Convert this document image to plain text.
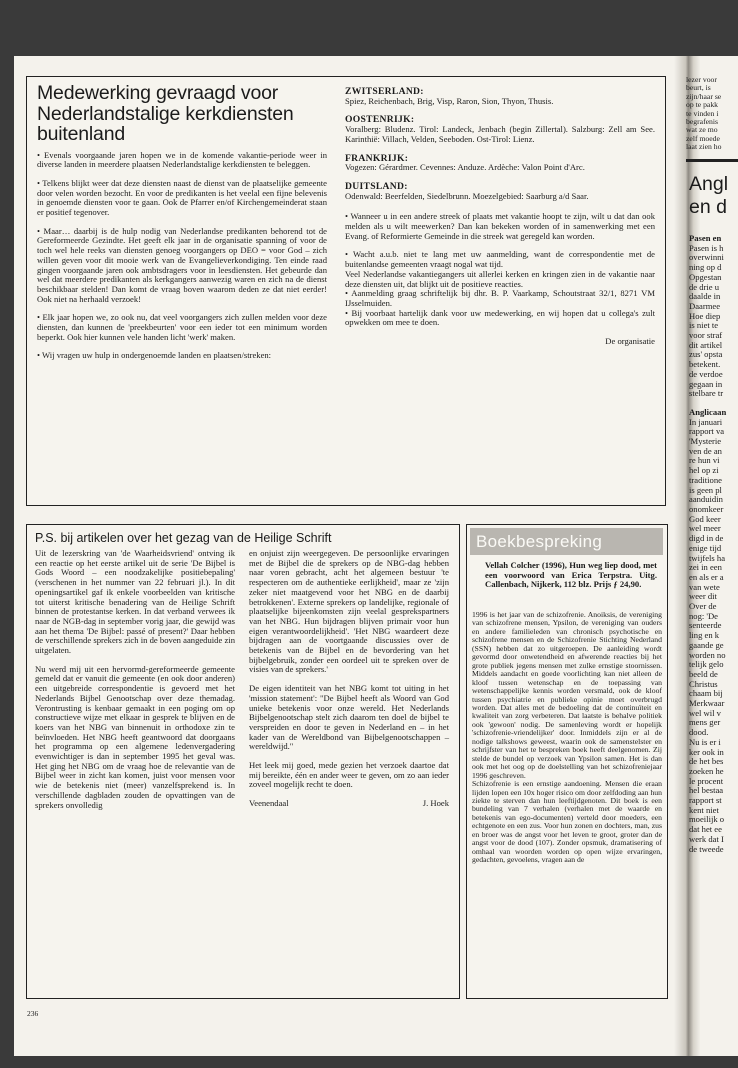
Medewerking gevraagd voor Nederlandstalige kerkdiensten buitenland

• Evenals voorgaande jaren hopen we in de komende vakantie-periode weer in diverse landen in meerdere plaatsen Nederlandstalige kerkdiensten te beleggen.

• Telkens blijkt weer dat deze diensten naast de dienst van de plaatselijke gemeente door velen worden bezocht. En voor de predikanten is het veelal een fijne belevenis in genoemde diensten voor te gaan. Ook de Pfarrer en/of Kirchengemeinderat staan er positief tegenover.

• Maar… daarbij is de hulp nodig van Nederlandse predikanten behorend tot de Gereformeerde Gezindte. Het geeft elk jaar in de organisatie spanning of voor de toch wel hele reeks van diensten genoeg voorgangers op DEO = voor God – zich willen geven voor dit mooie werk van de Evangelieverkondiging. Ten einde raad gingen voorgaande jaren ook ambtsdragers voor in leesdiensten. Het gebeurde dan wel dat meerdere predikanten als kerkgangers aanwezig waren en zich na de dienst beschikbaar stelden! Dan komt de vraag boven waarom deden ze dat niet eerder! Ook niet na herhaald verzoek!

• Elk jaar hopen we, zo ook nu, dat veel voorgangers zich zullen melden voor deze diensten, dan kunnen de 'preekbeurten' voor een ieder tot een minimum worden beperkt. Ook hier kunnen vele handen licht 'werk' maken.

• Wij vragen uw hulp in ondergenoemde landen en plaatsen/streken:

ZWITSERLAND:
Spiez, Reichenbach, Brig, Visp, Raron, Sion, Thyon, Thusis.
OOSTENRIJK:
Voralberg: Bludenz. Tirol: Landeck, Jenbach (begin Zillertal). Salzburg: Zell am See. Karinthië: Villach, Velden, Seeboden. Ost-Tirol: Lienz.
FRANKRIJK:
Vogezen: Gérardmer. Cevennes: Anduze. Ardèche: Valon Point d'Arc.
DUITSLAND:
Odenwald: Beerfelden, Siedelbrunn. Moezelgebied: Saarburg a/d Saar.

• Wanneer u in een andere streek of plaats met vakantie hoopt te zijn, wilt u dat dan ook melden als u wilt meewerken? Dan kan bekeken worden of in samenwerking met een Evang. of Reformierte Gemeinde in die streek wat geregeld kan worden.

• Wacht a.u.b. niet te lang met uw aanmelding, want de correspondentie met de buitenlandse gemeenten vraagt nogal wat tijd.

Veel Nederlandse vakantiegangers uit allerlei kerken en kringen zien in de vakantie naar deze diensten uit, dat blijkt uit de positieve reacties.

• Aanmelding graag schriftelijk bij dhr. B. P. Vaarkamp, Schoutstraat 32/1, 8271 VM IJsselmuiden.

• Bij voorbaat hartelijk dank voor uw medewerking, en wij hopen dat u collega's zult opwekken om mee te doen.

De organisatie

P.S. bij artikelen over het gezag van de Heilige Schrift

Uit de lezerskring van 'de Waarheidsvriend' ontving ik een reactie op het eerste artikel uit de serie 'De Bijbel is Gods Woord – een noodzakelijke positiebepaling' (verschenen in het nummer van 22 februari jl.). In dit openingsartikel gaf ik enkele voorbeelden van kritische tot uiterst kritische benadering van de Heilige Schrift binnen de protestantse kerken. In dat verband verwees ik naar de NGB-dag in september vorig jaar, die gewijd was aan het thema 'De Bijbel: passé of present?' Daar hebben de verschillende sprekers zich in de boven aangeduide zin uitgelaten.

Nu werd mij uit een hervormd-gereformeerde gemeente gemeld dat er vanuit die gemeente (en ook door anderen) een uitgebreide correspondentie is gevoerd met het Nederlands Bijbel Genootschap over deze themadag. Verontrusting is kenbaar gemaakt in een poging om op constructieve wijze met elkaar in gesprek te blijven en de koers van het NBG van binnenuit in orthodoxe zin te beïnvloeden. Het NBG heeft geantwoord dat doorgaans het programma op een algemene ledenvergadering evenwichtiger is dan in september 1995 het geval was. Het ging het NBG om de vraag hoe de relevantie van de Bijbel weer in zicht kan komen, juist voor mensen voor wie de betekenis niet (meer) vanzelfsprekend is. In verschillende dagbladen zouden de opvattingen van de sprekers onvolledig

en onjuist zijn weergegeven. De persoonlijke ervaringen met de Bijbel die de sprekers op de NBG-dag hebben naar voren gebracht, acht het algemeen bestuur 'te respecteren om de authentieke eerlijkheid', maar ze 'zijn zeker niet maatgevend voor het NBG en de daarbij betrokkenen'. Externe sprekers op landelijke, regionale of plaatselijke bijeenkomsten zijn veelal gesprekspartners van het NBG. Hun bijdragen blijven primair voor hun eigen verantwoordelijkheid'. 'Het NBG waardeert deze bijdragen aan de voortgaande discussies over de betekenis van de Bijbel en de bevordering van het bijbelgebruik, zonder een oordeel uit te spreken over de visies van de sprekers.'

De eigen identiteit van het NBG komt tot uiting in het 'mission statement': "De Bijbel heeft als Woord van God unieke betekenis voor onze wereld. Het Nederlands Bijbelgenootschap stelt zich daarom ten doel de bijbel te verspreiden en door te geven in Nederland en – in het kader van de Wereldbond van Bijbelgenootschappen – wereldwijd."

Het leek mij goed, mede gezien het verzoek daartoe dat mij bereikte, één en ander weer te geven, om zo aan ieder zoveel mogelijk recht te doen.

Veenendaal	J. Hoek
Boekbespreking
Vellah Colcher (1996), Hun weg liep dood, met een voorwoord van Erica Terpstra. Uitg. Callenbach, Nijkerk, 112 blz. Prijs ƒ 24,90.

1996 is het jaar van de schizofrenie. Anoiksis, de vereniging van schizofrene mensen, Ypsilon, de vereniging van ouders en andere familieleden van chronisch psychotische en schizofrene mensen en de Schizofrenie Stichting Nederland (SSN) hebben dat zo uitgeroepen. De aanleiding wordt gevormd door onwetendheid en afwerende reacties bij het grote publiek jegens mensen met zulke ernstige stoornissen. Middels aandacht en goede voorlichting kan niet alleen de kloof tussen wetenschap en de toepassing van wetenschappelijke kennis worden versmald, ook de kloof tussen psychiatrie en publieke opinie moet overbrugd worden. Dat alles met de bedoeling dat de continuïteit en kwaliteit van zorg verbeteren. Dat laatste is behalve politiek ook 'gewoon' nodig. De samenleving wordt er hopelijk 'schizofrenie-vriendelijker' door. Inmiddels zijn er al de nodige talkshows geweest, waarin ook de samenstelster en schrijfster van het te bespreken boek heeft deelgenomen. Zij stelde de bundel op verzoek van Ypsilon samen. Het is dan ook met het oog op de doelstelling van het schizofreniejaar 1996 geschreven.

Schizofrenie is een ernstige aandoening. Mensen die eraan lijden lopen een 10x hoger risico om door zelfdoding aan hun ziekte te sterven dan hun leeftijdgenoten. Dit boek is een bundeling van 7 verhalen (verhalen met de waarde en betekenis van ego-documenten) verteld door moeders, een echtgenote en een zus. Voor hun zonen en dochters, man, zus en broer was de angst voor het leven te groot, groter dan de angst voor de dood (107). Zonder opsmuk, dramatisering of omhaal van woorden worden op open wijze ervaringen, gedachten, gevoelens, vragen aan de

236
lezer voor
beurt, is
zijn/haar se
op te pakk
te vinden i
begrafenis
wat ze mo
zelf moede
laat zien ho
Angl
en d
Pasen en
Pasen is h
overwinni
ning op d
Opgestan
de drie u
daalde in
Daarmee
Hoe diep
is niet te
voor straf
dit artikel
zus' opsta
betekent.
de verdoe
gegaan in
stelbare tr
Anglicaan
In januari
rapport va
'Mysterie
ven de an
re hun vi
hel op zi
traditione
is geen pl
aanduidin
onomkeer
God keer
wel meer
digd in de
enige tijd
twijfels ha
zei in een
en als er a
van wete
weer dit
Over de
nog: 'De
senteerde
ling en k
gaande ge
worden no
telijk gelo
beeld de
Christus
chaam bij
Merkwaar
wel wil v
mens ger
dood.
Nu is er i
ker ook in
de het bes
zoeken he
le procent
hel bestaa
rapport st
kent niet
moeilijk o
dat het ee
werk dat I
de tweede
